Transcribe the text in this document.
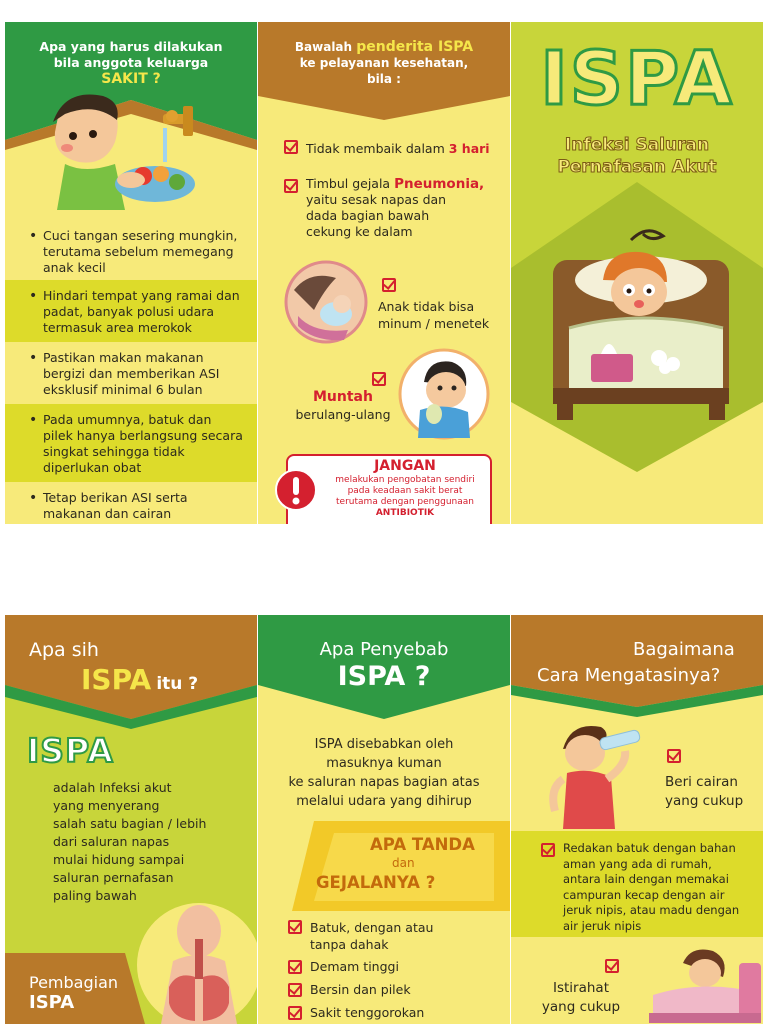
Apa yang harus dilakukan
bila anggota keluarga
SAKIT ?
• Cuci tangan sesering mungkin, terutama sebelum memegang anak kecil
• Hindari tempat yang ramai dan padat, banyak polusi udara termasuk area merokok
• Pastikan makan makanan bergizi dan memberikan ASI eksklusif minimal 6 bulan
• Pada umumnya, batuk dan pilek hanya berlangsung secara singkat sehingga tidak diperlukan obat
• Tetap berikan ASI serta makanan dan cairan
Bawalah penderita ISPA
ke pelayanan kesehatan,
bila :
Tidak membaik dalam 3 hari
Timbul gejala Pneumonia,
yaitu sesak napas dan
dada bagian bawah
cekung ke dalam
Anak tidak bisa
minum / menetek
Muntah
berulang-ulang
JANGAN
melakukan pengobatan sendiri
pada keadaan sakit berat
terutama dengan penggunaan
ANTIBIOTIK
ISPA
Infeksi Saluran
Pernafasan Akut
Apa sih
ISPA itu ?
ISPA
adalah Infeksi akut
yang menyerang
salah satu bagian / lebih
dari saluran napas
mulai hidung sampai
saluran pernafasan
paling bawah
Pembagian
ISPA
Apa Penyebab
ISPA ?
ISPA disebabkan oleh
masuknya kuman
ke saluran napas bagian atas
melalui udara yang dihirup
APA TANDA
dan
GEJALANYA ?
Batuk, dengan atau
tanpa dahak
Demam tinggi
Bersin dan pilek
Sakit tenggorokan
Bagaimana
Cara Mengatasinya?
Beri cairan
yang cukup
Redakan batuk dengan bahan
aman yang ada di rumah,
antara lain dengan memakai
campuran kecap dengan air
jeruk nipis, atau madu dengan
air jeruk nipis
Istirahat
yang cukup
